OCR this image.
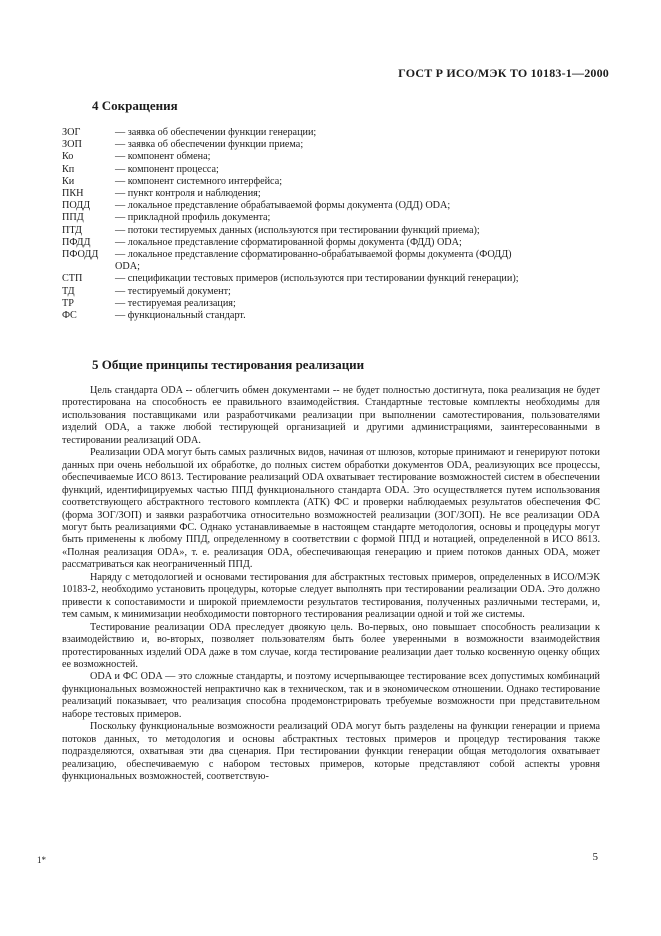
ГОСТ Р ИСО/МЭК ТО 10183-1—2000
4 Сокращения
ЗОГ	— заявка об обеспечении функции генерации;
ЗОП	— заявка об обеспечении функции приема;
Ко	— компонент обмена;
Кп	— компонент процесса;
Ки	— компонент системного интерфейса;
ПКН	— пункт контроля и наблюдения;
ПОДД	— локальное представление обрабатываемой формы документа (ОДД) ODA;
ППД	— прикладной профиль документа;
ПТД	— потоки тестируемых данных (используются при тестировании функций приема);
ПФДД	— локальное представление сформатированной формы документа (ФДД) ODA;
ПФОДД	— локальное представление сформатированно-обрабатываемой формы документа (ФОДД)
ODA;
СТП	— спецификации тестовых примеров (используются при тестировании функций генерации);
ТД	— тестируемый документ;
ТР	— тестируемая реализация;
ФС	— функциональный стандарт.
5 Общие принципы тестирования реализации

Цель стандарта ODA -- облегчить обмен документами -- не будет полностью достигнута, пока реализация не будет протестирована на способность ее правильного взаимодействия. Стандартные тестовые комплекты необходимы для использования поставщиками или разработчиками реализации при выполнении самотестирования, пользователями изделий ODA, а также любой тестирующей организацией и другими администрациями, заинтересованными в тестировании реализаций ODA.

Реализации ODA могут быть самых различных видов, начиная от шлюзов, которые принимают и генерируют потоки данных при очень небольшой их обработке, до полных систем обработки документов ODA, реализующих все процессы, обеспечиваемые ИСО 8613. Тестирование реализаций ODA охватывает тестирование возможностей систем в обеспечении функций, идентифицируемых частью ППД функционального стандарта ODA. Это осуществляется путем использования соответствующего абстрактного тестового комплекта (АТК) ФС и проверки наблюдаемых результатов обеспечения ФС (форма ЗОГ/ЗОП) и заявки разработчика относительно возможностей реализации (ЗОГ/ЗОП). Не все реализации ODA могут быть реализациями ФС. Однако устанавливаемые в настоящем стандарте методология, основы и процедуры могут быть применены к любому ППД, определенному в соответствии с формой ППД и нотацией, определенной в ИСО 8613. «Полная реализация ODA», т. е. реализация ODA, обеспечивающая генерацию и прием потоков данных ODA, может рассматриваться как неограниченный ППД.

Наряду с методологией и основами тестирования для абстрактных тестовых примеров, определенных в ИСО/МЭК 10183-2, необходимо установить процедуры, которые следует выполнять при тестировании реализации ODA. Это должно привести к сопоставимости и широкой приемлемости результатов тестирования, полученных различными тестерами, и, тем самым, к минимизации необходимости повторного тестирования реализации одной и той же системы.

Тестирование реализации ODA преследует двоякую цель. Во-первых, оно повышает способность реализации к взаимодействию и, во-вторых, позволяет пользователям быть более уверенными в возможности взаимодействия протестированных изделий ODA даже в том случае, когда тестирование реализации дает только косвенную оценку общих ее возможностей.

ODA и ФС ODA — это сложные стандарты, и поэтому исчерпывающее тестирование всех допустимых комбинаций функциональных возможностей непрактично как в техническом, так и в экономическом отношении. Однако тестирование реализаций показывает, что реализация способна продемонстрировать требуемые возможности при представительном наборе тестовых примеров.

Поскольку функциональные возможности реализаций ODA могут быть разделены на функции генерации и приема потоков данных, то методология и основы абстрактных тестовых примеров и процедур тестирования также подразделяются, охватывая эти два сценария. При тестировании функции генерации общая методология охватывает реализацию, обеспечиваемую с набором тестовых примеров, которые представляют собой аспекты уровня функциональных возможностей, соответствую-

1*	5
